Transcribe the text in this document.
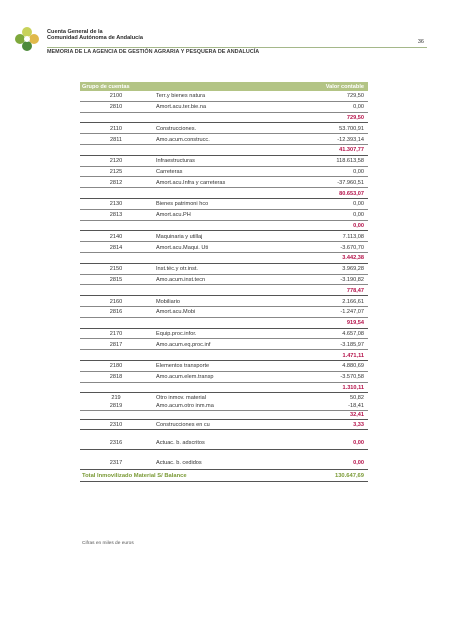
Cuenta General de la
Comunidad Autónoma de Andalucía
36
MEMORIA DE LA AGENCIA DE GESTIÓN AGRARIA Y PESQUERA DE ANDALUCÍA
Grupo de cuentas	Valor contable
2100	Terr.y bienes natura	729,50
2810	Amort.acu.ter.bie.na	0,00
729,50
2110	Construcciones.	53.700,91
2811	Amo.acum.construcc.	-12.393,14
41.307,77
2120	Infraestructuras	118.613,58
2125	Carreteras	0,00
2812	Amort.acu.Infra y carreteras	-37.960,51
80.653,07
2130	Bienes patrimoni hco	0,00
2813	Amort.acu.PH	0,00
0,00
2140	Maquinaria y utillaj	7.113,08
2814	Amort.acu.Maqui. Uti	-3.670,70
3.442,38
2150	Inst.téc.y otr.inst.	3.969,28
2815	Amo.acum.inst.tecn	-3.190,82
778,47
2160	Mobiliario	2.166,61
2816	Amort.acu.Mobi	-1.247,07
919,54
2170	Equip.proc.infor.	4.657,08
2817	Amo.acum.eq.proc.inf	-3.185,97
1.471,11
2180	Elementos transporte	4.880,69
2818	Amo.acum.elem.transp	-3.570,58
1.310,11
219	Otro inmov. material	50,82
2819	Amo.acum.otro inm.ma	-18,41
32,41
2310	Construcciones en cu	3,33
2316	Actuac. b. adscritos	0,00
2317	Actuac. b. cedidos	0,00
Total Inmovilizado Material S/ Balance	130.647,69
Cifras en miles de euros
